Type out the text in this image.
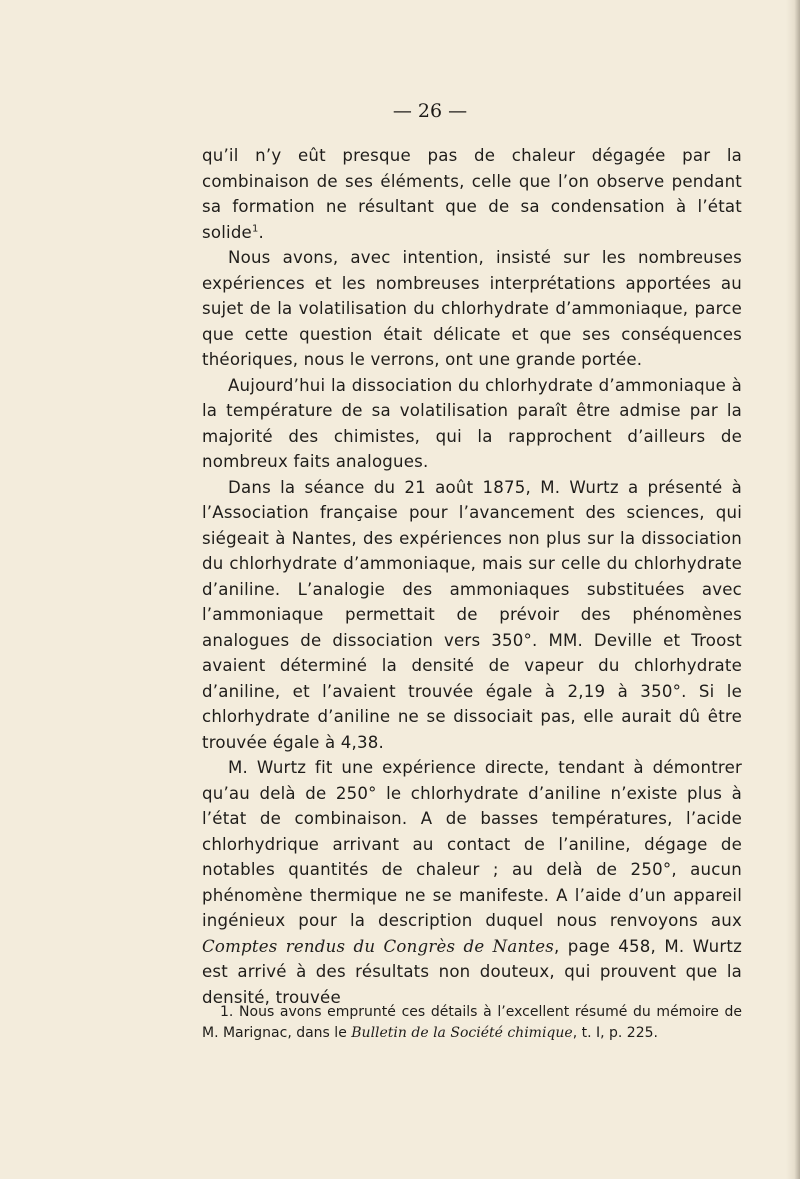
— 26 —

qu’il n’y eût presque pas de chaleur dégagée par la combinaison de ses éléments, celle que l’on observe pendant sa formation ne résultant que de sa condensation à l’état solide$^1$.

Nous avons, avec intention, insisté sur les nombreuses expériences et les nombreuses interprétations apportées au sujet de la volatilisation du chlorhydrate d’ammoniaque, parce que cette question était délicate et que ses conséquences théoriques, nous le verrons, ont une grande portée.

Aujourd’hui la dissociation du chlorhydrate d’ammoniaque à la température de sa volatilisation paraît être admise par la majorité des chimistes, qui la rapprochent d’ailleurs de nombreux faits analogues.

Dans la séance du 21 août 1875, M. Wurtz a présenté à l’Association française pour l’avancement des sciences, qui siégeait à Nantes, des expériences non plus sur la dissociation du chlorhydrate d’ammoniaque, mais sur celle du chlorhydrate d’aniline. L’analogie des ammoniaques substituées avec l’ammoniaque permettait de prévoir des phénomènes analogues de dissociation vers 350°. MM. Deville et Troost avaient déterminé la densité de vapeur du chlorhydrate d’aniline, et l’avaient trouvée égale à 2,19 à 350°. Si le chlorhydrate d’aniline ne se dissociait pas, elle aurait dû être trouvée égale à 4,38.

M. Wurtz fit une expérience directe, tendant à démontrer qu’au delà de 250° le chlorhydrate d’aniline n’existe plus à l’état de combinaison. A de basses températures, l’acide chlorhydrique arrivant au contact de l’aniline, dégage de notables quantités de chaleur ; au delà de 250°, aucun phénomène thermique ne se manifeste. A l’aide d’un appareil ingénieux pour la description duquel nous renvoyons aux Comptes rendus du Congrès de Nantes, page 458, M. Wurtz est arrivé à des résultats non douteux, qui prouvent que la densité, trouvée

1. Nous avons emprunté ces détails à l’excellent résumé du mémoire de M. Marignac, dans le Bulletin de la Société chimique, t. I, p. 225.
